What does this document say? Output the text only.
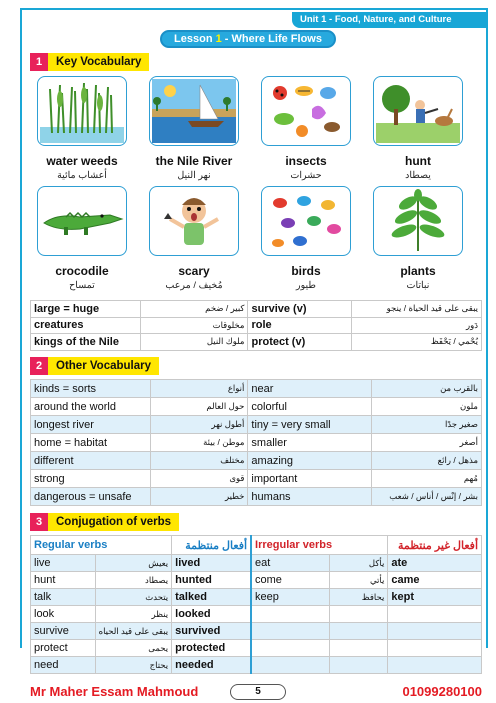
Unit 1 - Food, Nature, and Culture
Lesson 1 - Where Life Flows
1	Key Vocabulary
water weeds
أعشاب مائية
the Nile River
نهر النيل
insects
حشرات
hunt
يصطاد
crocodile
تمساح
scary
مُخيف / مرعب
birds
طيور
plants
نباتات
large = huge	كبير / ضخم	survive (v)	يبقى على قيد الحياة / ينجو
creatures	مخلوقات	role	دَور
kings of the Nile	ملوك النيل	protect (v)	يُحْمي / يَحْفَظ
2	Other Vocabulary
kinds = sorts	أنواع	near	بالقرب من
around the world	حول العالم	colorful	ملون
longest river	أطول نهر	tiny = very small	صغير جدًا
home = habitat	موطن / بيئة	smaller	أصغر
different	مختلف	amazing	مذهل / رائع
strong	قوى	important	مُهم
dangerous = unsafe	خطير	humans	بشر / إنْس / أناس / شعب
3	Conjugation of verbs
Regular verbs		أفعال منتظمة	Irregular verbs		أفعال غير منتظمة
live	يعيش	lived	eat	يأكل	ate
hunt	يصطاد	hunted	come	يأتي	came
talk	يتحدث	talked	keep	يحافظ	kept
look	ينظر	looked			
survive	يبقى على قيد الحياه	survived			
protect	يحمى	protected			
need	يحتاج	needed			
Mr Maher Essam Mahmoud	5	01099280100
